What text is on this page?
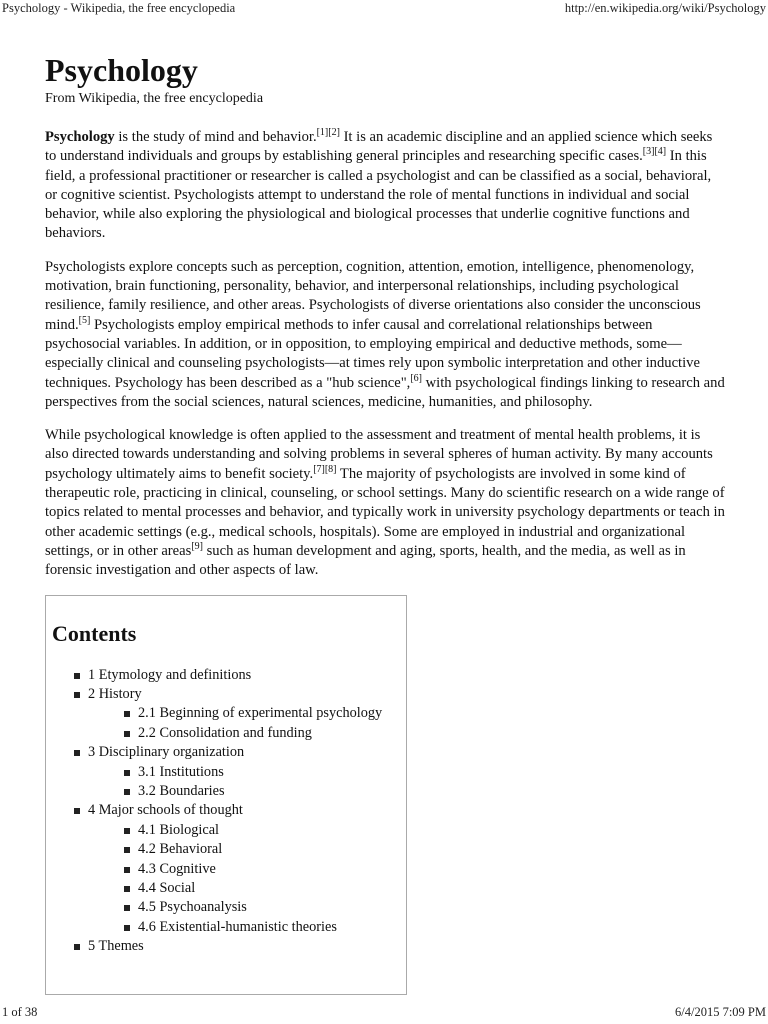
Psychology - Wikipedia, the free encyclopedia	http://en.wikipedia.org/wiki/Psychology
Psychology
From Wikipedia, the free encyclopedia

Psychology is the study of mind and behavior.[1][2] It is an academic discipline and an applied science which seeks to understand individuals and groups by establishing general principles and researching specific cases.[3][4] In this field, a professional practitioner or researcher is called a psychologist and can be classified as a social, behavioral, or cognitive scientist. Psychologists attempt to understand the role of mental functions in individual and social behavior, while also exploring the physiological and biological processes that underlie cognitive functions and behaviors.

Psychologists explore concepts such as perception, cognition, attention, emotion, intelligence, phenomenology, motivation, brain functioning, personality, behavior, and interpersonal relationships, including psychological resilience, family resilience, and other areas. Psychologists of diverse orientations also consider the unconscious mind.[5] Psychologists employ empirical methods to infer causal and correlational relationships between psychosocial variables. In addition, or in opposition, to employing empirical and deductive methods, some—especially clinical and counseling psychologists—at times rely upon symbolic interpretation and other inductive techniques. Psychology has been described as a "hub science",[6] with psychological findings linking to research and perspectives from the social sciences, natural sciences, medicine, humanities, and philosophy.

While psychological knowledge is often applied to the assessment and treatment of mental health problems, it is also directed towards understanding and solving problems in several spheres of human activity. By many accounts psychology ultimately aims to benefit society.[7][8] The majority of psychologists are involved in some kind of therapeutic role, practicing in clinical, counseling, or school settings. Many do scientific research on a wide range of topics related to mental processes and behavior, and typically work in university psychology departments or teach in other academic settings (e.g., medical schools, hospitals). Some are employed in industrial and organizational settings, or in other areas[9] such as human development and aging, sports, health, and the media, as well as in forensic investigation and other aspects of law.

Contents
1 Etymology and definitions
2 History
2.1 Beginning of experimental psychology
2.2 Consolidation and funding
3 Disciplinary organization
3.1 Institutions
3.2 Boundaries
4 Major schools of thought
4.1 Biological
4.2 Behavioral
4.3 Cognitive
4.4 Social
4.5 Psychoanalysis
4.6 Existential-humanistic theories
5 Themes
1 of 38	6/4/2015 7:09 PM
